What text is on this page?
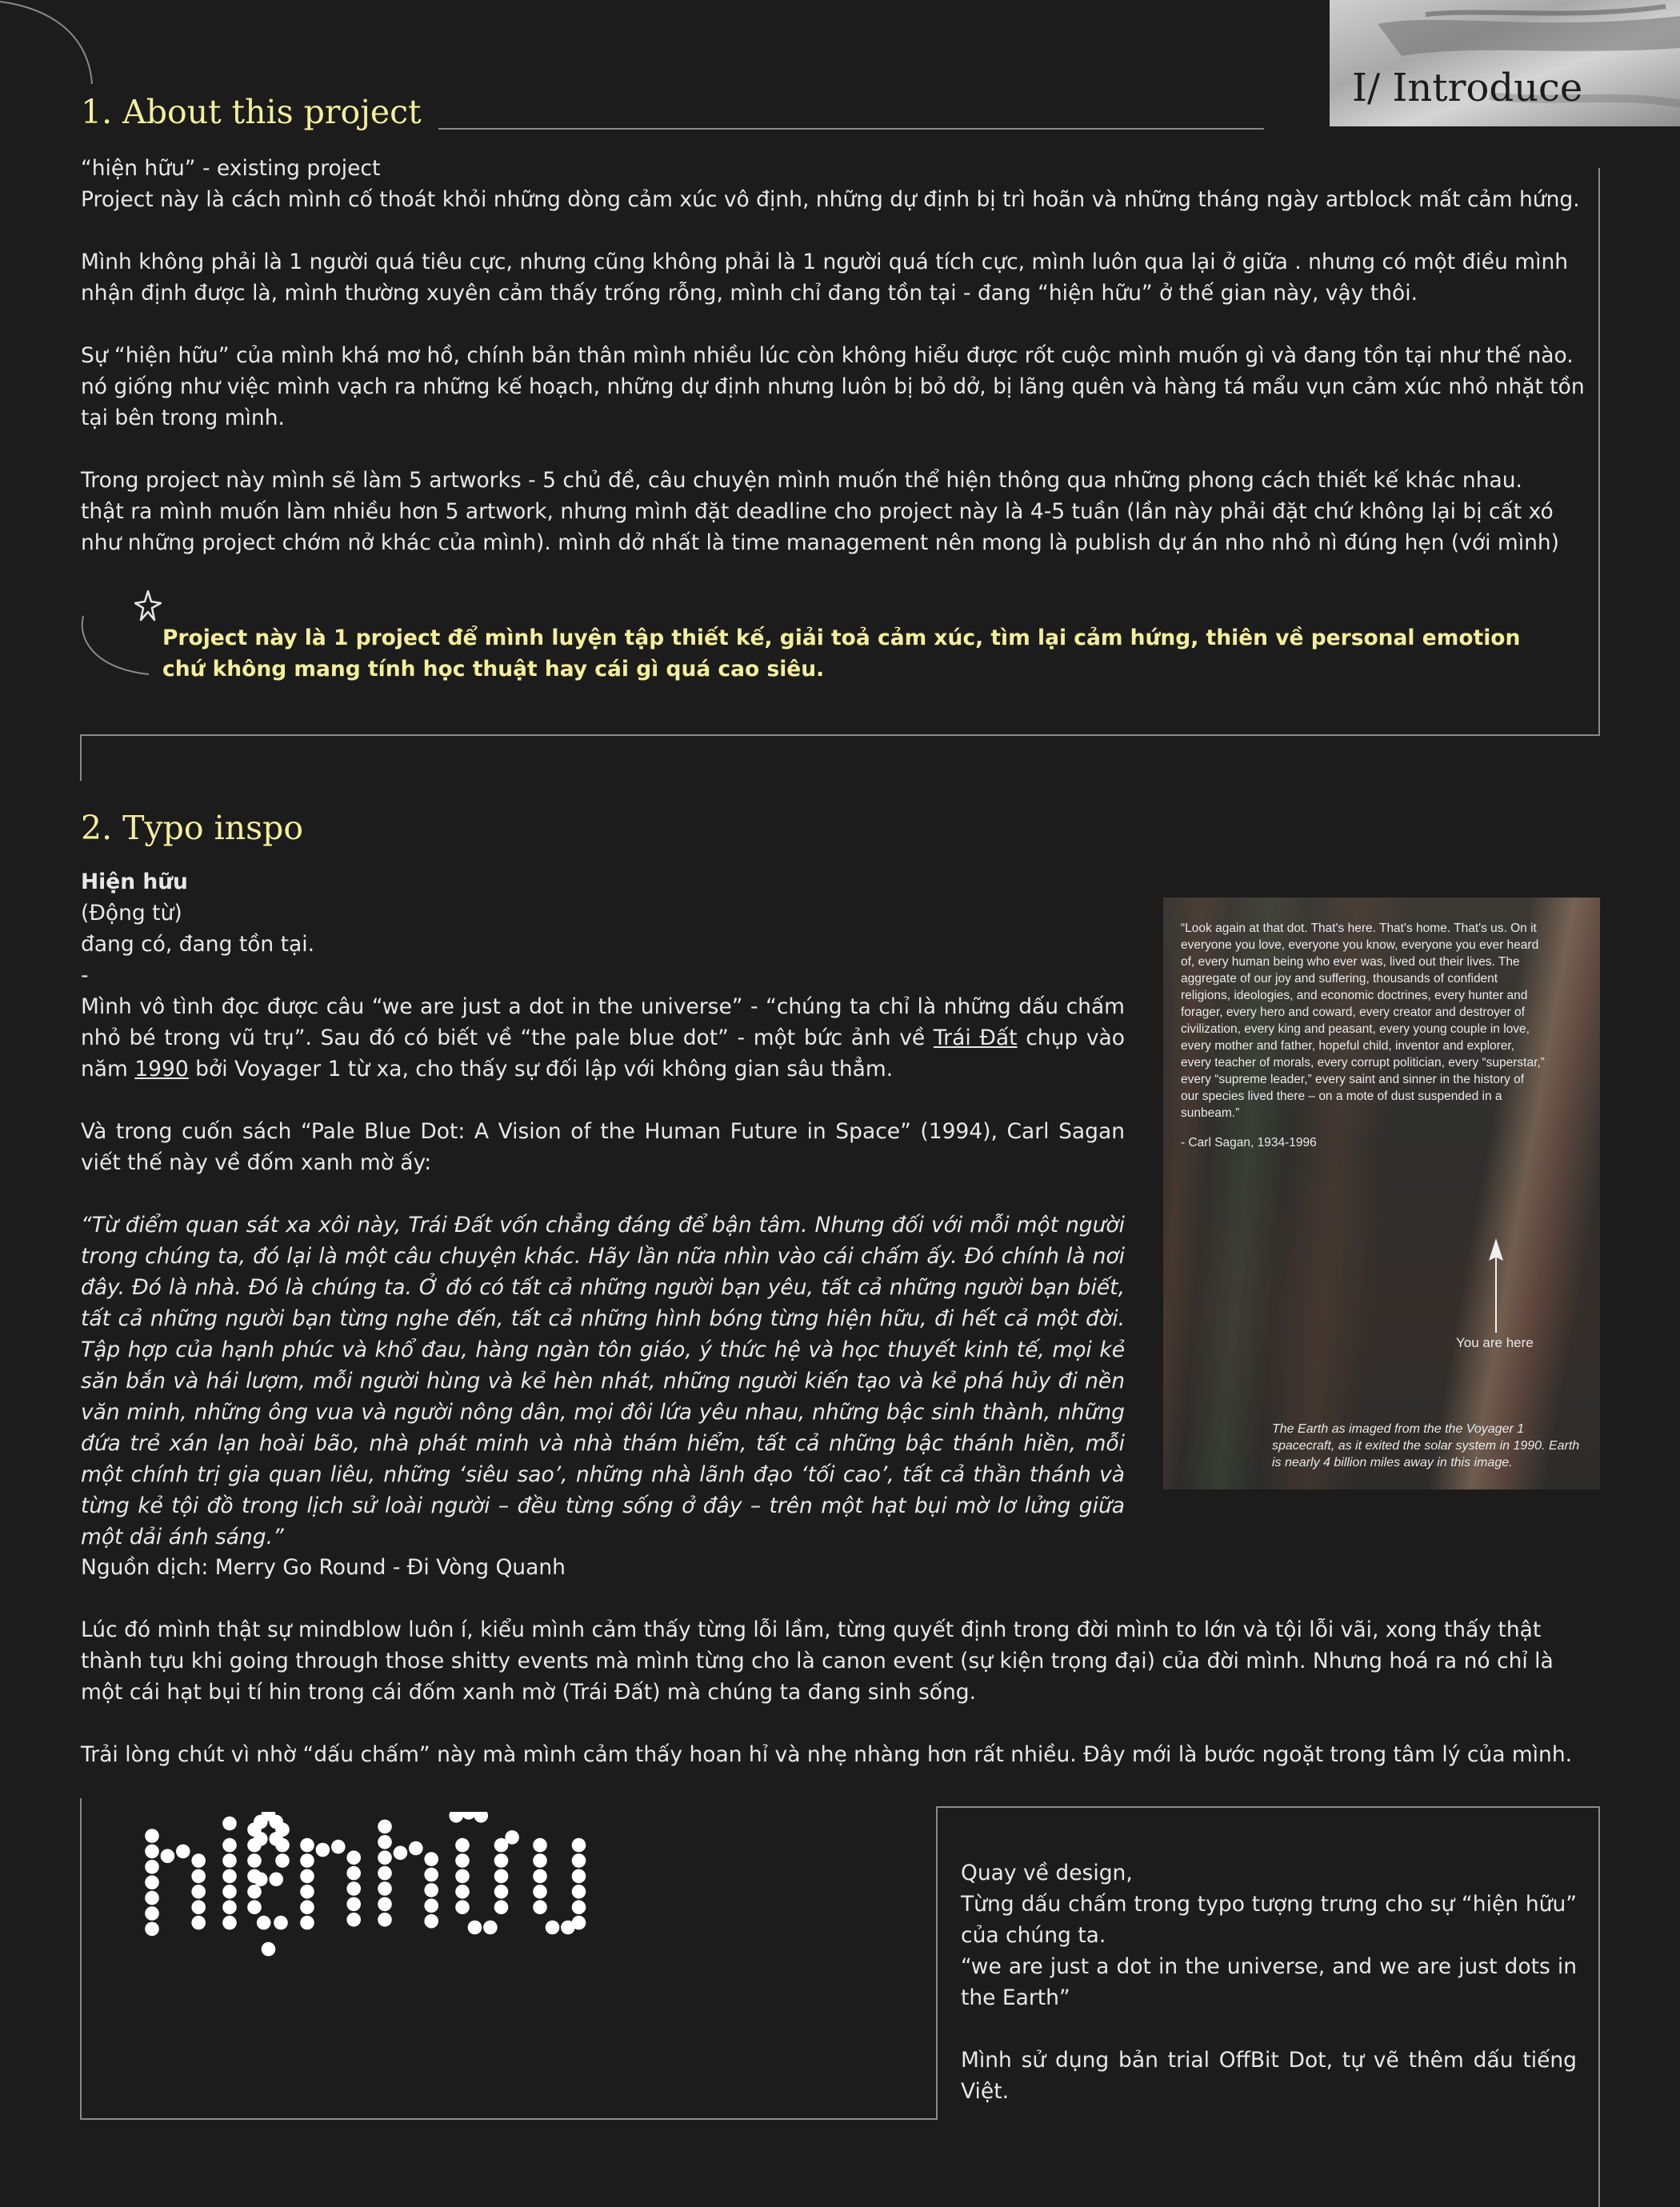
I/ Introduce
1. About this project

“hiện hữu” - existing project

Project này là cách mình cố thoát khỏi những dòng cảm xúc vô định, những dự định bị trì hoãn và những tháng ngày artblock mất cảm hứng.

Mình không phải là 1 người quá tiêu cực, nhưng cũng không phải là 1 người quá tích cực, mình luôn qua lại ở giữa . nhưng có một điều mình nhận định được là, mình thường xuyên cảm thấy trống rỗng, mình chỉ đang tồn tại - đang “hiện hữu” ở thế gian này, vậy thôi.

Sự “hiện hữu” của mình khá mơ hồ, chính bản thân mình nhiều lúc còn không hiểu được rốt cuộc mình muốn gì và đang tồn tại như thế nào.

nó giống như việc mình vạch ra những kế hoạch, những dự định nhưng luôn bị bỏ dở, bị lãng quên và hàng tá mẩu vụn cảm xúc nhỏ nhặt tồn tại bên trong mình.

Trong project này mình sẽ làm 5 artworks - 5 chủ đề, câu chuyện mình muốn thể hiện thông qua những phong cách thiết kế khác nhau.

thật ra mình muốn làm nhiều hơn 5 artwork, nhưng mình đặt deadline cho project này là 4-5 tuần (lần này phải đặt chứ không lại bị cất xó như những project chớm nở khác của mình). mình dở nhất là time management nên mong là publish dự án nho nhỏ nì đúng hẹn (với mình)

Project này là 1 project để mình luyện tập thiết kế, giải toả cảm xúc, tìm lại cảm hứng, thiên về personal emotion chứ không mang tính học thuật hay cái gì quá cao siêu.
2. Typo inspo

Hiện hữu

(Động từ)

đang có, đang tồn tại.

-

Mình vô tình đọc được câu “we are just a dot in the universe” - “chúng ta chỉ là những dấu chấm nhỏ bé trong vũ trụ”. Sau đó có biết về “the pale blue dot” - một bức ảnh về Trái Đất chụp vào năm 1990 bởi Voyager 1 từ xa, cho thấy sự đối lập với không gian sâu thẳm.

Và trong cuốn sách “Pale Blue Dot: A Vision of the Human Future in Space” (1994), Carl Sagan viết thế này về đốm xanh mờ ấy:

“Từ điểm quan sát xa xôi này, Trái Đất vốn chẳng đáng để bận tâm. Nhưng đối với mỗi một người trong chúng ta, đó lại là một câu chuyện khác. Hãy lần nữa nhìn vào cái chấm ấy. Đó chính là nơi đây. Đó là nhà. Đó là chúng ta. Ở đó có tất cả những người bạn yêu, tất cả những người bạn biết, tất cả những người bạn từng nghe đến, tất cả những hình bóng từng hiện hữu, đi hết cả một đời. Tập hợp của hạnh phúc và khổ đau, hàng ngàn tôn giáo, ý thức hệ và học thuyết kinh tế, mọi kẻ săn bắn và hái lượm, mỗi người hùng và kẻ hèn nhát, những người kiến tạo và kẻ phá hủy đi nền văn minh, những ông vua và người nông dân, mọi đôi lứa yêu nhau, những bậc sinh thành, những đứa trẻ xán lạn hoài bão, nhà phát minh và nhà thám hiểm, tất cả những bậc thánh hiền, mỗi một chính trị gia quan liêu, những ‘siêu sao’, những nhà lãnh đạo ‘tối cao’, tất cả thần thánh và từng kẻ tội đồ trong lịch sử loài người – đều từng sống ở đây – trên một hạt bụi mờ lơ lửng giữa một dải ánh sáng.”

“Look again at that dot. That's here. That's home. That's us. On it everyone you love, everyone you know, everyone you ever heard of, every human being who ever was, lived out their lives. The aggregate of our joy and suffering, thousands of confident religions, ideologies, and economic doctrines, every hunter and forager, every hero and coward, every creator and destroyer of civilization, every king and peasant, every young couple in love, every mother and father, hopeful child, inventor and explorer, every teacher of morals, every corrupt politician, every “superstar,” every “supreme leader,” every saint and sinner in the history of our species lived there – on a mote of dust suspended in a sunbeam.”
- Carl Sagan, 1934-1996
You are here
The Earth as imaged from the the Voyager 1 spacecraft, as it exited the solar system in 1990. Earth is nearly 4 billion miles away in this image.

Nguồn dịch: Merry Go Round - Đi Vòng Quanh

Lúc đó mình thật sự mindblow luôn í, kiểu mình cảm thấy từng lỗi lầm, từng quyết định trong đời mình to lớn và tội lỗi vãi, xong thấy thật thành tựu khi going through those shitty events mà mình từng cho là canon event (sự kiện trọng đại) của đời mình. Nhưng hoá ra nó chỉ là một cái hạt bụi tí hin trong cái đốm xanh mờ (Trái Đất) mà chúng ta đang sinh sống.

Trải lòng chút vì nhờ “dấu chấm” này mà mình cảm thấy hoan hỉ và nhẹ nhàng hơn rất nhiều. Đây mới là bước ngoặt trong tâm lý của mình.

Quay về design,

Từng dấu chấm trong typo tượng trưng cho sự “hiện hữu” của chúng ta.

“we are just a dot in the universe, and we are just dots in the Earth”

Mình sử dụng bản trial OffBit Dot, tự vẽ thêm dấu tiếng Việt.
